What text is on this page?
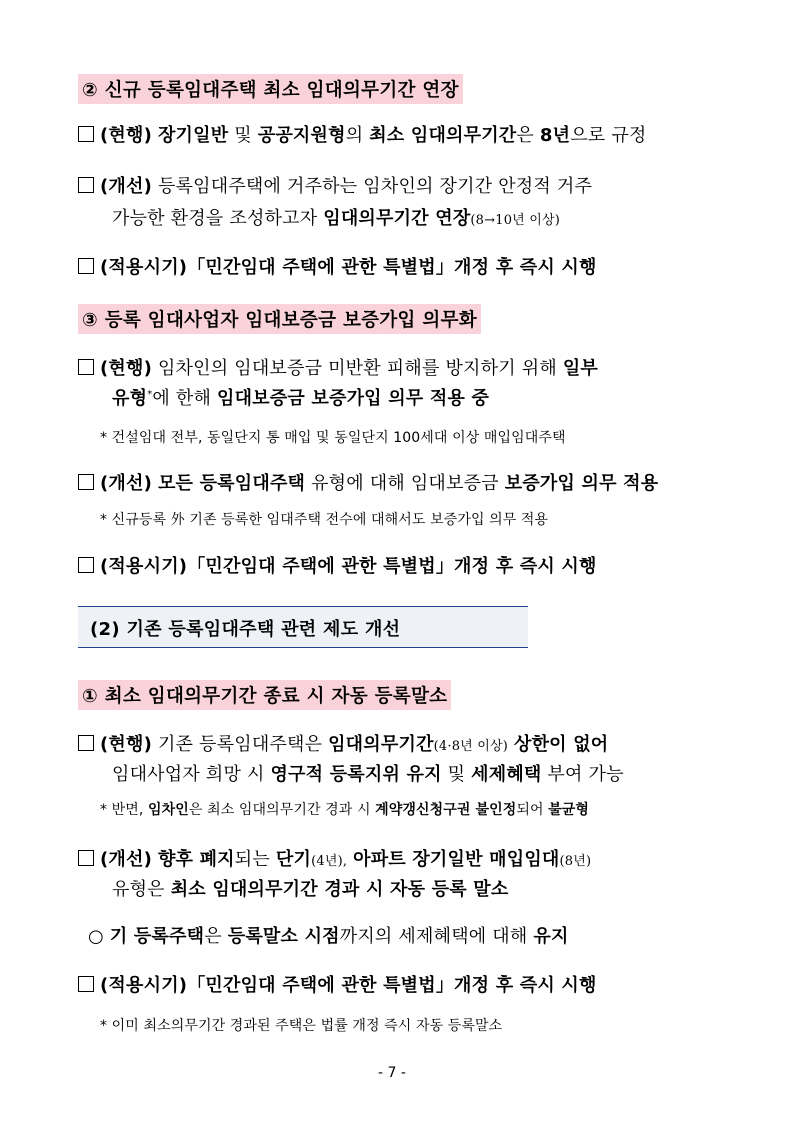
② 신규 등록임대주택 최소 임대의무기간 연장
(현행) 장기일반 및 공공지원형의 최소 임대의무기간은 8년으로 규정
(개선) 등록임대주택에 거주하는 임차인의 장기간 안정적 거주
가능한 환경을 조성하고자 임대의무기간 연장(8→10년 이상)
(적용시기)「민간임대 주택에 관한 특별법」개정 후 즉시 시행
③ 등록 임대사업자 임대보증금 보증가입 의무화
(현행) 임차인의 임대보증금 미반환 피해를 방지하기 위해 일부
유형*에 한해 임대보증금 보증가입 의무 적용 중
* 건설임대 전부, 동일단지 통 매입 및 동일단지 100세대 이상 매입임대주택
(개선) 모든 등록임대주택 유형에 대해 임대보증금 보증가입 의무 적용
* 신규등록 外 기존 등록한 임대주택 전수에 대해서도 보증가입 의무 적용
(적용시기)「민간임대 주택에 관한 특별법」개정 후 즉시 시행
(2) 기존 등록임대주택 관련 제도 개선
① 최소 임대의무기간 종료 시 자동 등록말소
(현행) 기존 등록임대주택은 임대의무기간(4·8년 이상) 상한이 없어
임대사업자 희망 시 영구적 등록지위 유지 및 세제혜택 부여 가능
* 반면, 임차인은 최소 임대의무기간 경과 시 계약갱신청구권 불인정되어 불균형
(개선) 향후 폐지되는 단기(4년), 아파트 장기일반 매입임대(8년)
유형은 최소 임대의무기간 경과 시 자동 등록 말소
○ 기 등록주택은 등록말소 시점까지의 세제혜택에 대해 유지
(적용시기)「민간임대 주택에 관한 특별법」개정 후 즉시 시행
* 이미 최소의무기간 경과된 주택은 법률 개정 즉시 자동 등록말소
- 7 -
